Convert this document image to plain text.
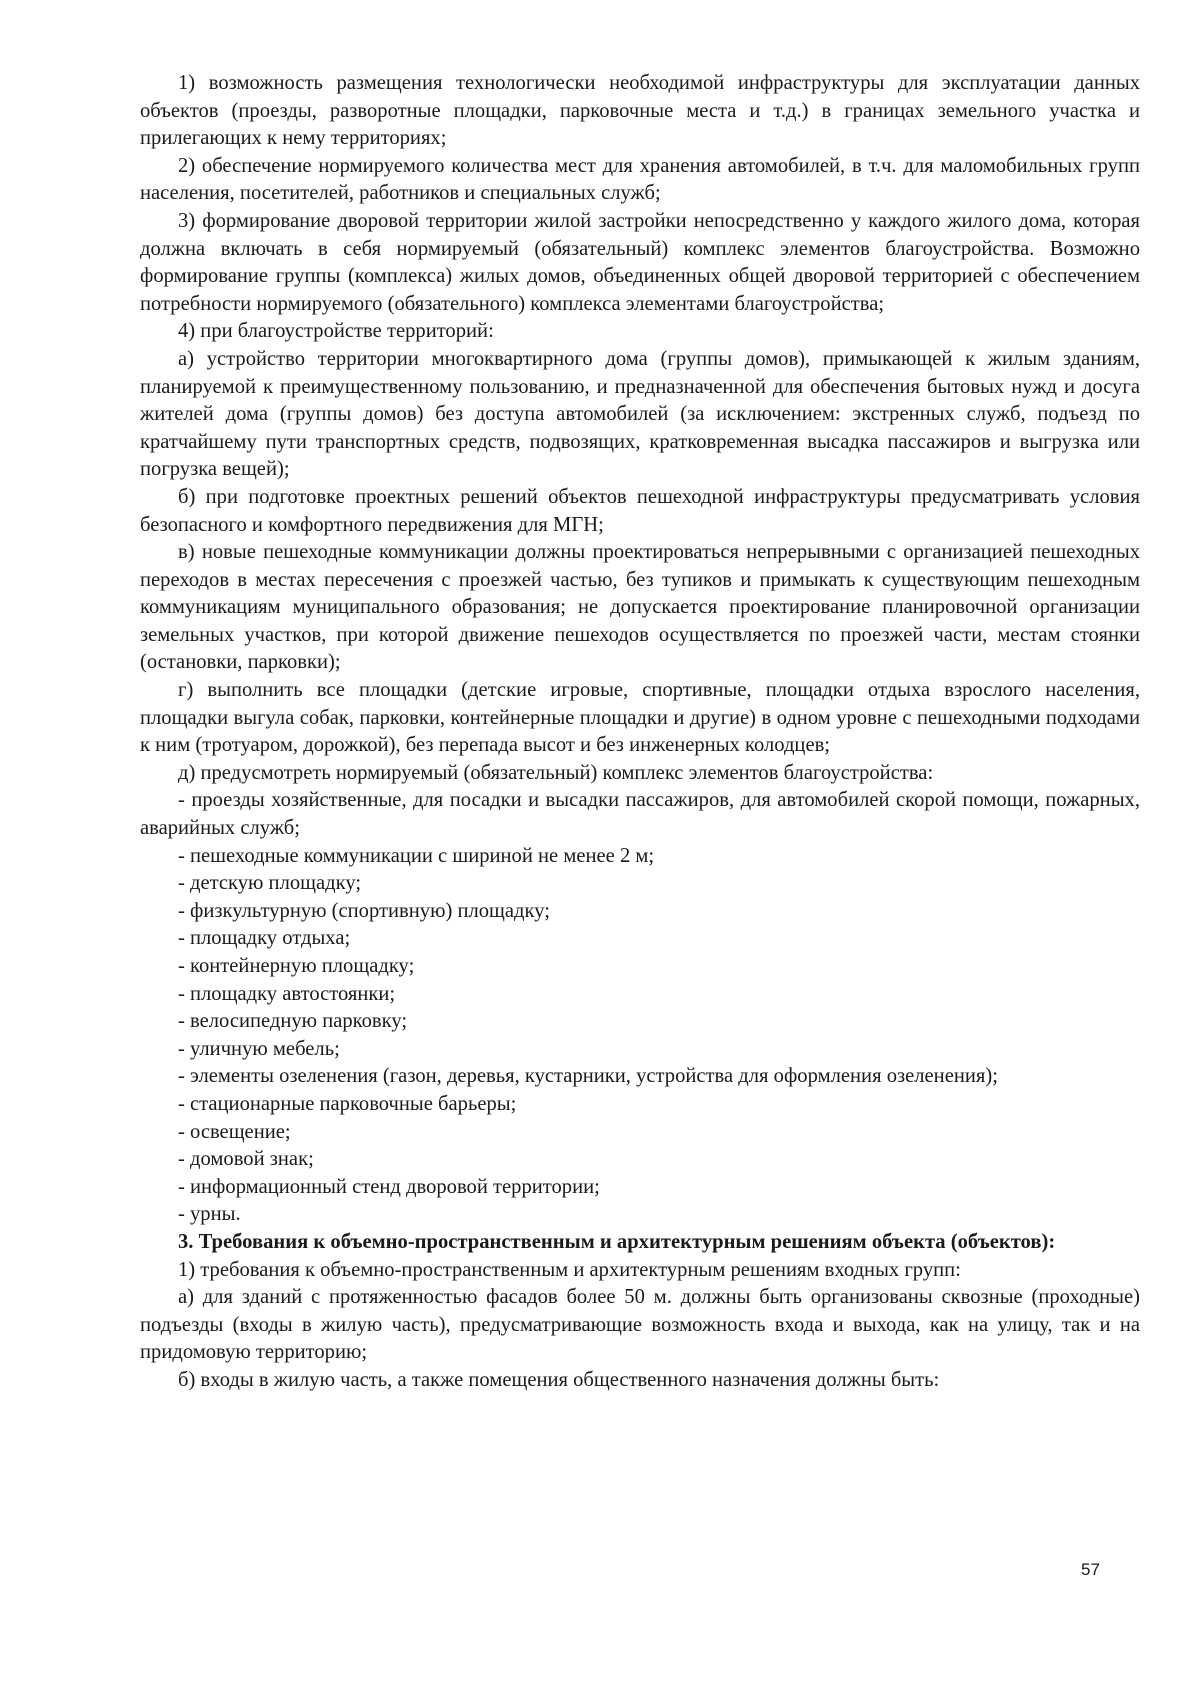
1) возможность размещения технологически необходимой инфраструктуры для эксплуатации данных объектов (проезды, разворотные площадки, парковочные места и т.д.) в границах земельного участка и прилегающих к нему территориях;

2) обеспечение нормируемого количества мест для хранения автомобилей, в т.ч. для маломобильных групп населения, посетителей, работников и специальных служб;

3) формирование дворовой территории жилой застройки непосредственно у каждого жилого дома, которая должна включать в себя нормируемый (обязательный) комплекс элементов благоустройства. Возможно формирование группы (комплекса) жилых домов, объединенных общей дворовой территорией с обеспечением потребности нормируемого (обязательного) комплекса элементами благоустройства;

4) при благоустройстве территорий:

а) устройство территории многоквартирного дома (группы домов), примыкающей к жилым зданиям, планируемой к преимущественному пользованию, и предназначенной для обеспечения бытовых нужд и досуга жителей дома (группы домов) без доступа автомобилей (за исключением: экстренных служб, подъезд по кратчайшему пути транспортных средств, подвозящих, кратковременная высадка пассажиров и выгрузка или погрузка вещей);

б) при подготовке проектных решений объектов пешеходной инфраструктуры предусматривать условия безопасного и комфортного передвижения для МГН;

в) новые пешеходные коммуникации должны проектироваться непрерывными с организацией пешеходных переходов в местах пересечения с проезжей частью, без тупиков и примыкать к существующим пешеходным коммуникациям муниципального образования; не допускается проектирование планировочной организации земельных участков, при которой движение пешеходов осуществляется по проезжей части, местам стоянки (остановки, парковки);

г) выполнить все площадки (детские игровые, спортивные, площадки отдыха взрослого населения, площадки выгула собак, парковки, контейнерные площадки и другие) в одном уровне с пешеходными подходами к ним (тротуаром, дорожкой), без перепада высот и без инженерных колодцев;

д) предусмотреть нормируемый (обязательный) комплекс элементов благоустройства:

- проезды хозяйственные, для посадки и высадки пассажиров, для автомобилей скорой помощи, пожарных, аварийных служб;

- пешеходные коммуникации с шириной не менее 2 м;

- детскую площадку;

- физкультурную (спортивную) площадку;

- площадку отдыха;

- контейнерную площадку;

- площадку автостоянки;

- велосипедную парковку;

- уличную мебель;

- элементы озеленения (газон, деревья, кустарники, устройства для оформления озеленения);

- стационарные парковочные барьеры;

- освещение;

- домовой знак;

- информационный стенд дворовой территории;

- урны.

3. Требования к объемно-пространственным и архитектурным решениям объекта (объектов):

1) требования к объемно-пространственным и архитектурным решениям входных групп:

а) для зданий с протяженностью фасадов более 50 м. должны быть организованы сквозные (проходные) подъезды (входы в жилую часть), предусматривающие возможность входа и выхода, как на улицу, так и на придомовую территорию;

б) входы в жилую часть, а также помещения общественного назначения должны быть:

57
